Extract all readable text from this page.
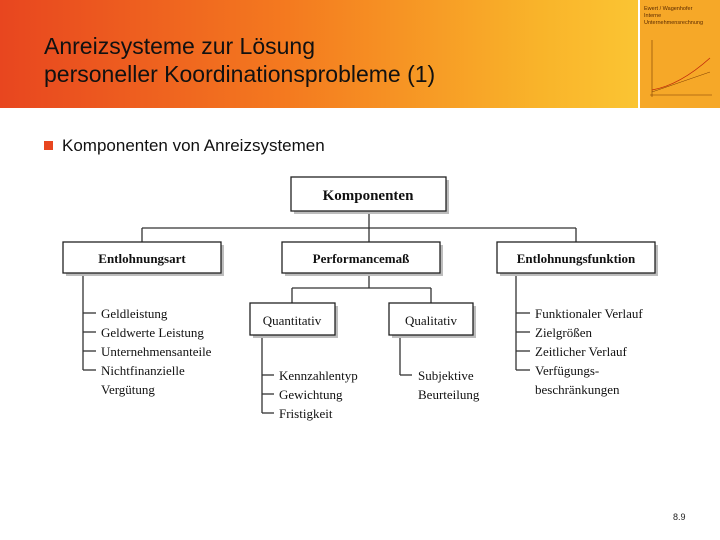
Anreizsysteme zur Lösung
personeller Koordinationsprobleme (1)
Ewert / Wagenhofer
Interne
Unternehmensrechnung
Komponenten von Anreizsystemen
Komponenten
Entlohnungsart	Performancemaß	Entlohnungsfunktion
Quantitativ	Qualitativ
Geldleistung
Geldwerte Leistung
Unternehmensanteile
Nichtfinanzielle
Vergütung
Kennzahlentyp
Gewichtung
Fristigkeit
Subjektive
Beurteilung
Funktionaler Verlauf
Zielgrößen
Zeitlicher Verlauf
Verfügungs-
beschränkungen
8.9
